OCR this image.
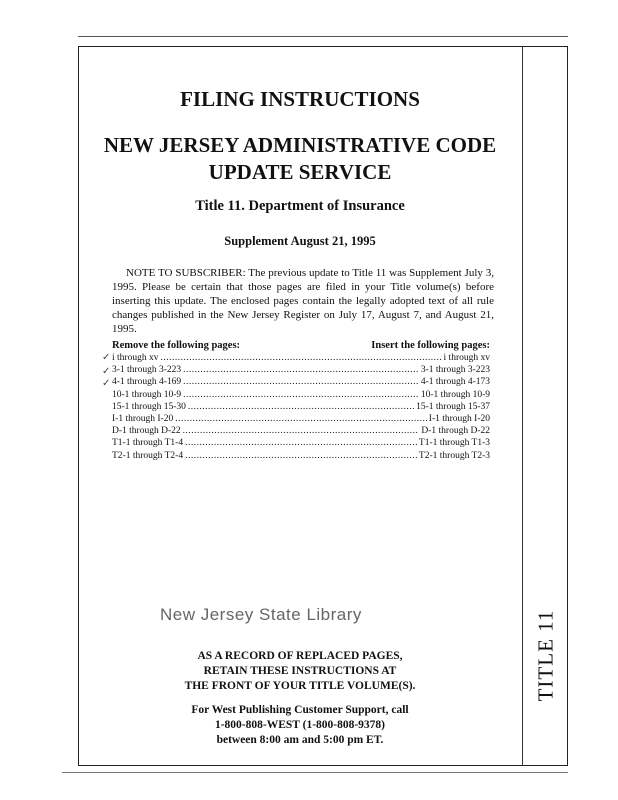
TITLE 11
FILING INSTRUCTIONS
NEW JERSEY ADMINISTRATIVE CODE
UPDATE SERVICE
Title 11. Department of Insurance
Supplement August 21, 1995
NOTE TO SUBSCRIBER: The previous update to Title 11 was Supplement July 3, 1995. Please be certain that those pages are filed in your Title volume(s) before inserting this update. The enclosed pages contain the legally adopted text of all rule changes published in the New Jersey Register on July 17, August 7, and August 21, 1995.
Remove the following pages:	Insert the following pages:
i through xv .....	i through xv
3-1 through 3-223 .....	3-1 through 3-223
4-1 through 4-169 .....	4-1 through 4-173
10-1 through 10-9 .....	10-1 through 10-9
15-1 through 15-30 .....	15-1 through 15-37
I-1 through I-20 .....	I-1 through I-20
D-1 through D-22 .....	D-1 through D-22
T1-1 through T1-4 .....	T1-1 through T1-3
T2-1 through T2-4 .....	T2-1 through T2-3
✓
✓
✓
New Jersey State Library
AS A RECORD OF REPLACED PAGES,
RETAIN THESE INSTRUCTIONS AT
THE FRONT OF YOUR TITLE VOLUME(S).
For West Publishing Customer Support, call
1-800-808-WEST (1-800-808-9378)
between 8:00 am and 5:00 pm ET.
